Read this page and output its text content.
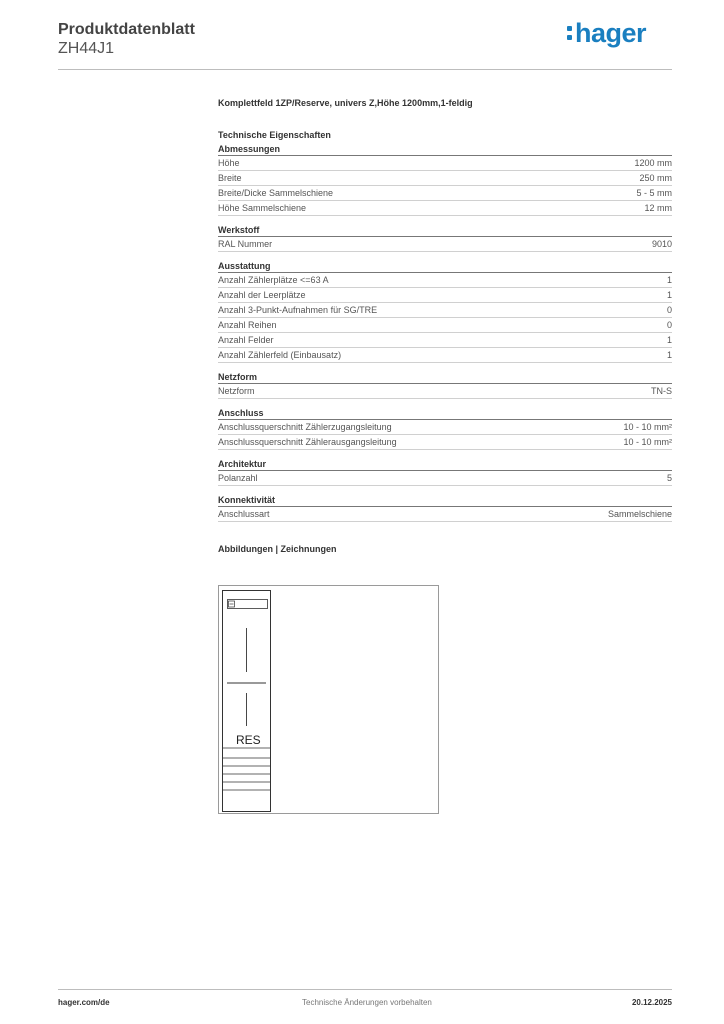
Produktdatenblatt
ZH44J1
hager
Komplettfeld 1ZP/Reserve, univers Z,Höhe 1200mm,1-feldig
Technische Eigenschaften
Abmessungen
Höhe	1200 mm
Breite	250 mm
Breite/Dicke Sammelschiene	5 - 5 mm
Höhe Sammelschiene	12 mm
Werkstoff
RAL Nummer	9010
Ausstattung
Anzahl Zählerplätze <=63 A	1
Anzahl der Leerplätze	1
Anzahl 3-Punkt-Aufnahmen für SG/TRE	0
Anzahl Reihen	0
Anzahl Felder	1
Anzahl Zählerfeld (Einbausatz)	1
Netzform
Netzform	TN-S
Anschluss
Anschlussquerschnitt Zählerzugangsleitung	10 - 10 mm²
Anschlussquerschnitt Zählerausgangsleitung	10 - 10 mm²
Architektur
Polanzahl	5
Konnektivität
Anschlussart	Sammelschiene
Abbildungen | Zeichnungen
RES
hager.com/de	Technische Änderungen vorbehalten	20.12.2025
